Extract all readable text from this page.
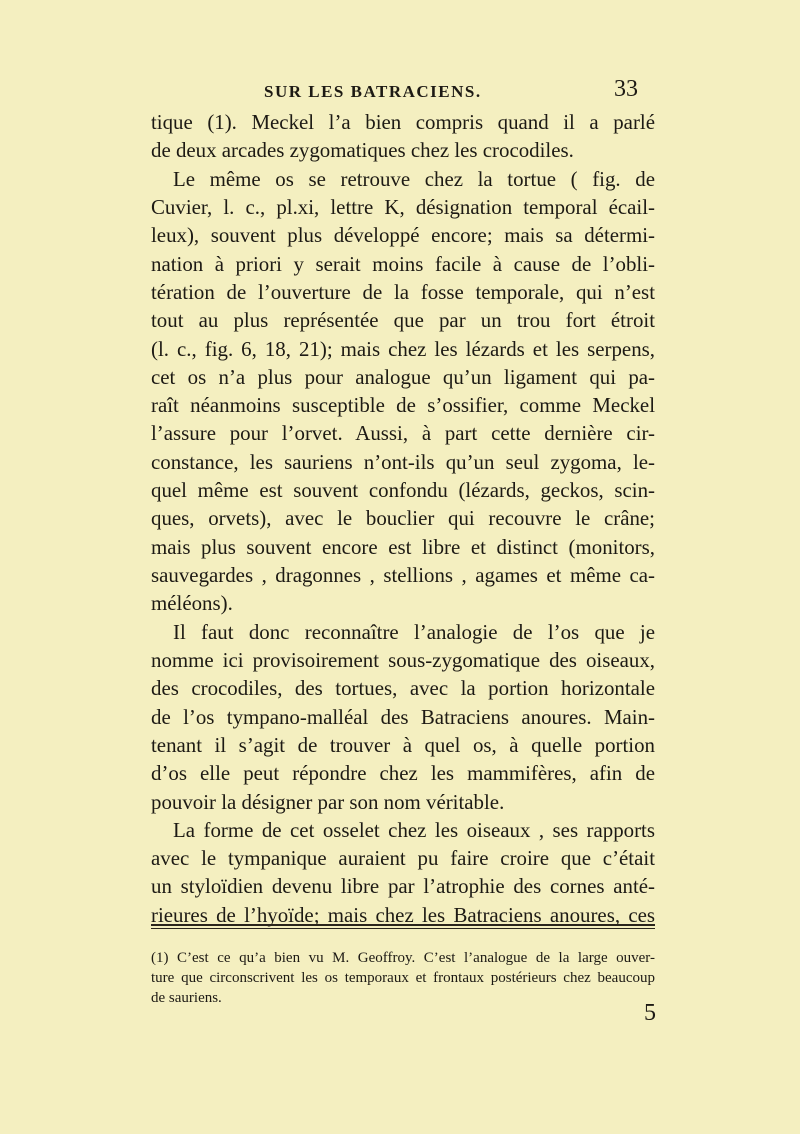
SUR LES BATRACIENS.	33
tique (1). Meckel l’a bien compris quand il a parlé
de deux arcades zygomatiques chez les crocodiles.
Le même os se retrouve chez la tortue ( fig. de
Cuvier, l. c., pl.xi, lettre K, désignation temporal écail-
leux), souvent plus développé encore; mais sa détermi-
nation à priori y serait moins facile à cause de l’obli-
tération de l’ouverture de la fosse temporale, qui n’est
tout au plus représentée que par un trou fort étroit
(l. c., fig. 6, 18, 21); mais chez les lézards et les serpens,
cet os n’a plus pour analogue qu’un ligament qui pa-
raît néanmoins susceptible de s’ossifier, comme Meckel
l’assure pour l’orvet. Aussi, à part cette dernière cir-
constance, les sauriens n’ont-ils qu’un seul zygoma, le-
quel même est souvent confondu (lézards, geckos, scin-
ques, orvets), avec le bouclier qui recouvre le crâne;
mais plus souvent encore est libre et distinct (monitors,
sauvegardes , dragonnes , stellions , agames et même ca-
méléons).
Il faut donc reconnaître l’analogie de l’os que je
nomme ici provisoirement sous-zygomatique des oiseaux,
des crocodiles, des tortues, avec la portion horizontale
de l’os tympano-malléal des Batraciens anoures. Main-
tenant il s’agit de trouver à quel os, à quelle portion
d’os elle peut répondre chez les mammifères, afin de
pouvoir la désigner par son nom véritable.
La forme de cet osselet chez les oiseaux , ses rapports
avec le tympanique auraient pu faire croire que c’était
un styloïdien devenu libre par l’atrophie des cornes anté-
rieures de l’hyoïde; mais chez les Batraciens anoures, ces
(1) C’est ce qu’a bien vu M. Geoffroy. C’est l’analogue de la large ouver-
ture que circonscrivent les os temporaux et frontaux postérieurs chez beaucoup
de sauriens.
5
